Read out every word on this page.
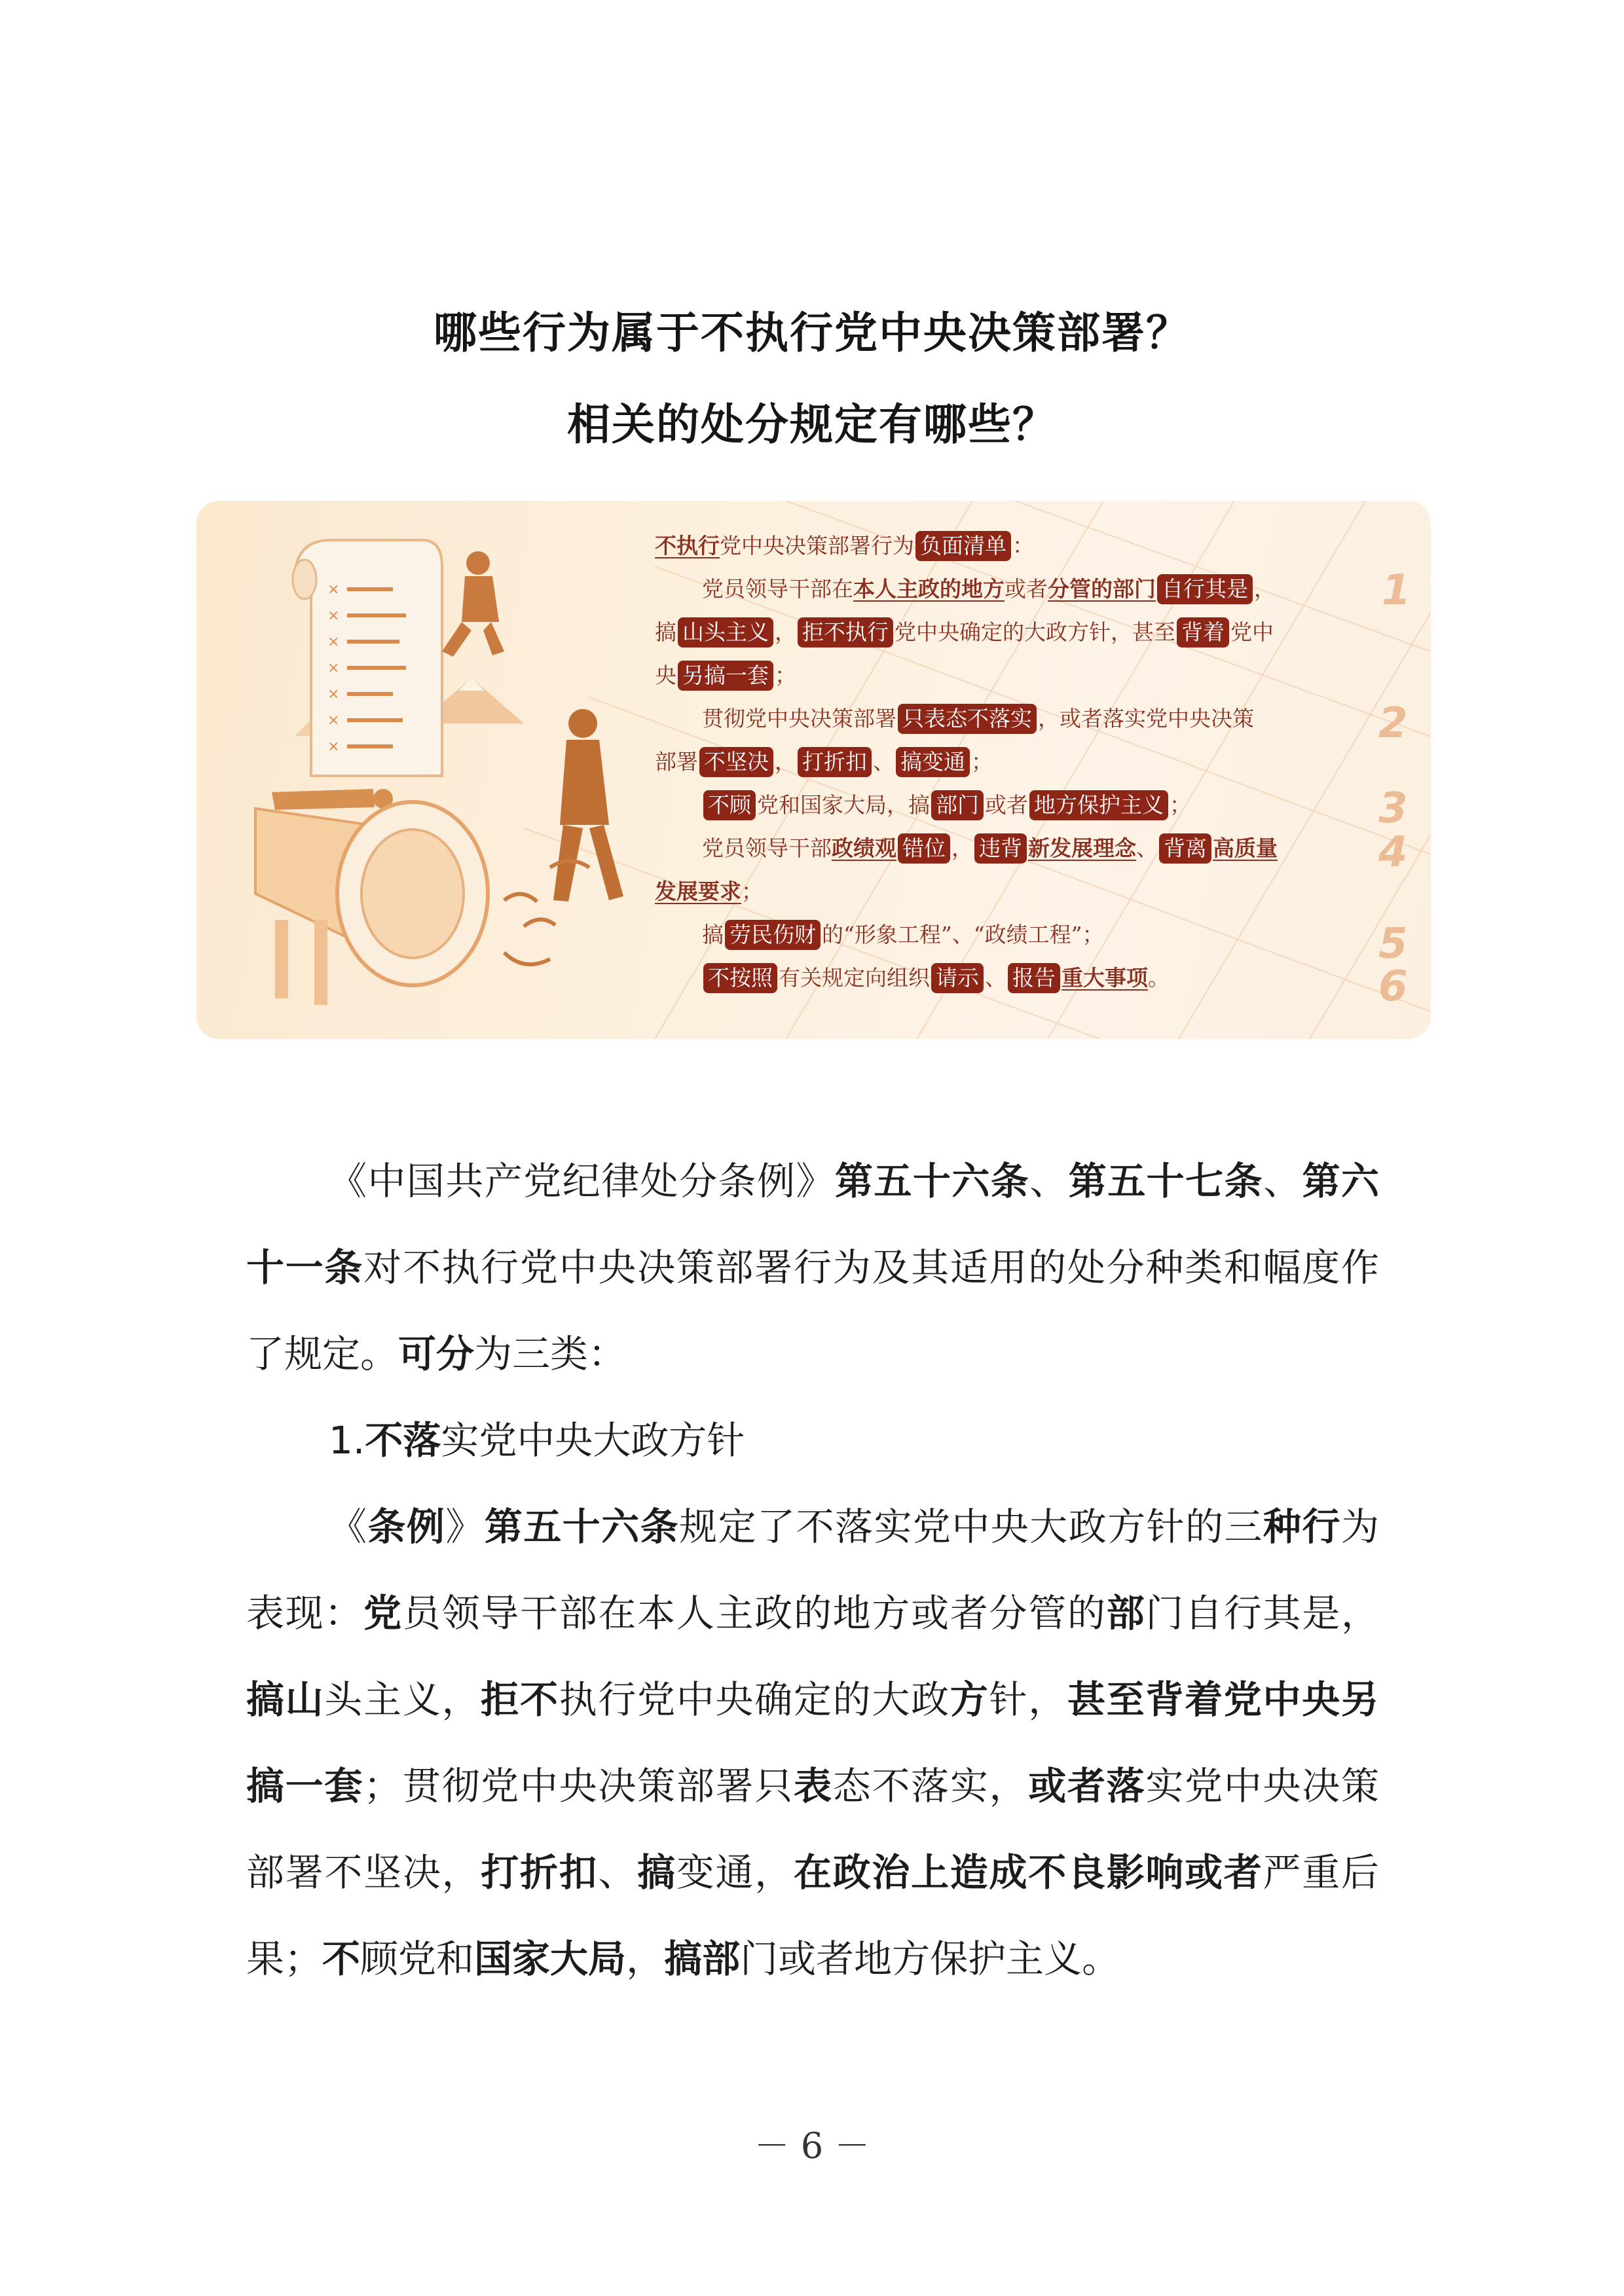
哪些行为属于不执行党中央决策部署？
相关的处分规定有哪些？
×
×
×
×
×
×
×
不执行党中央决策部署行为 负面清单 ：
党员领导干部在本人主政的地方或者分管的部门 自行其是 ，
搞 山头主义 ， 拒不执行 党中央确定的大政方针，甚至 背着 党中
央 另搞一套 ；
贯彻党中央决策部署 只表态不落实 ，或者落实党中央决策
部署 不坚决 ， 打折扣 、 搞变通 ；
不顾 党和国家大局，搞 部门 或者 地方保护主义 ；
党员领导干部政绩观 错位 ， 违背 新发展理念、 背离 高质量
发展要求；
搞 劳民伤财 的“形象工程”、“政绩工程”；
不按照 有关规定向组织 请示 、 报告 重大事项。
1
2
3
4
5
6

《中国共产党纪律处分条例》第五十六条、第五十七条、第六十一条对不执行党中央决策部署行为及其适用的处分种类和幅度作了规定。可分为三类：

1.不落实党中央大政方针

《条例》第五十六条规定了不落实党中央大政方针的三种行为表现：党员领导干部在本人主政的地方或者分管的部门自行其是，搞山头主义，拒不执行党中央确定的大政方针，甚至背着党中央另搞一套；贯彻党中央决策部署只表态不落实，或者落实党中央决策部署不坚决，打折扣、搞变通，在政治上造成不良影响或者严重后果；不顾党和国家大局，搞部门或者地方保护主义。

－ 6 －
